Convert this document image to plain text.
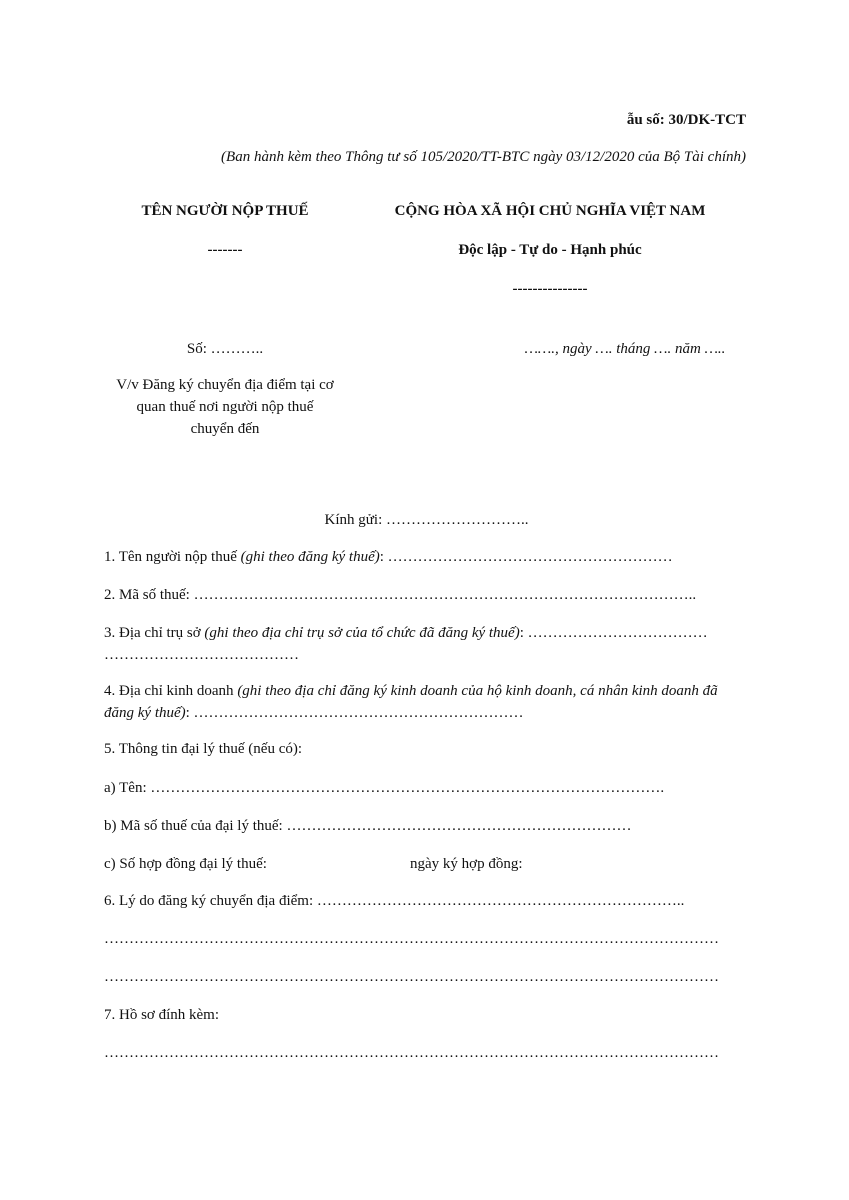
ẫu số: 30/DK-TCT
(Ban hành kèm theo Thông tư số 105/2020/TT-BTC ngày 03/12/2020 của Bộ Tài chính)
TÊN NGƯỜI NỘP THUẾ
-------
Số: ………..
V/v Đăng ký chuyển địa điểm tại cơ
quan thuế nơi người nộp thuế
chuyển đến
CỘNG HÒA XÃ HỘI CHỦ NGHĨA VIỆT NAM
Độc lập - Tự do - Hạnh phúc
---------------
……., ngày …. tháng …. năm …..
Kính gửi: ………………………..
1. Tên người nộp thuế (ghi theo đăng ký thuế): …………………………………………………
2. Mã số thuế: ………………………………………………………………………………………..
3. Địa chỉ trụ sở (ghi theo địa chỉ trụ sở của tổ chức đã đăng ký thuế): ………………………………
…………………………………
4. Địa chỉ kinh doanh (ghi theo địa chỉ đăng ký kinh doanh của hộ kinh doanh, cá nhân kinh doanh đã
đăng ký thuế): …………………………………………………………
5. Thông tin đại lý thuế (nếu có):
a) Tên: ………………………………………………………………………………………….
b) Mã số thuế của đại lý thuế: ……………………………………………………………
c) Số hợp đồng đại lý thuế:	ngày ký hợp đồng:
6. Lý do đăng ký chuyển địa điểm: ………………………………………………………………..
……………………………………………………………………………………………………………
……………………………………………………………………………………………………………
7. Hồ sơ đính kèm:
……………………………………………………………………………………………………………
